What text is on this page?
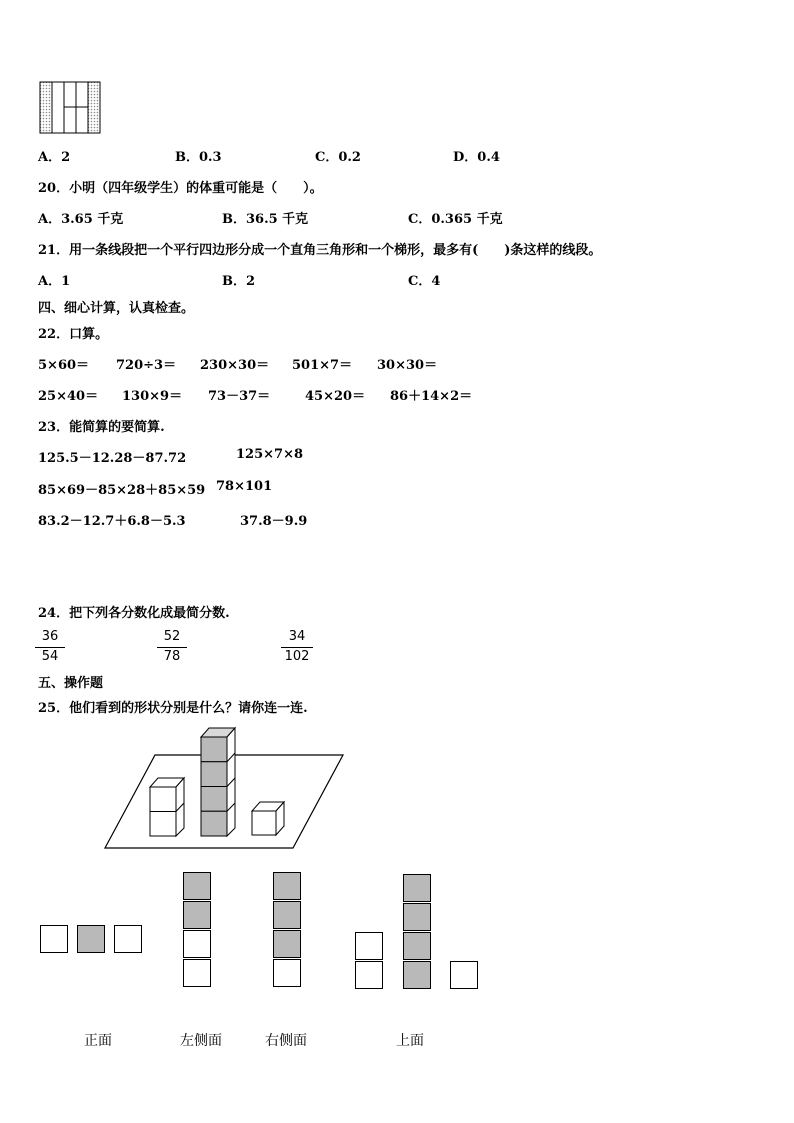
A．2	B．0.3	C．0.2	D．0.4
20．小明（四年级学生）的体重可能是（　　）。
A．3.65 千克	B．36.5 千克	C．0.365 千克
21．用一条线段把一个平行四边形分成一个直角三角形和一个梯形，最多有(　　)条这样的线段。
A．1	B．2	C．4
四、细心计算，认真检查。
22．口算。
5×60＝ 720÷3＝ 230×30＝ 501×7＝ 30×30＝
25×40＝ 130×9＝ 73－37＝	45×20＝ 86＋14×2＝
23．能简算的要简算.
125.5－12.28－87.72	125×7×8
85×69－85×28＋85×59 78×101
83.2－12.7＋6.8－5.3	37.8－9.9
24．把下列各分数化成最简分数.
36
54
52
78
34
102
五、操作题
25．他们看到的形状分别是什么？请你连一连.
正面	左侧面	右侧面	上面
